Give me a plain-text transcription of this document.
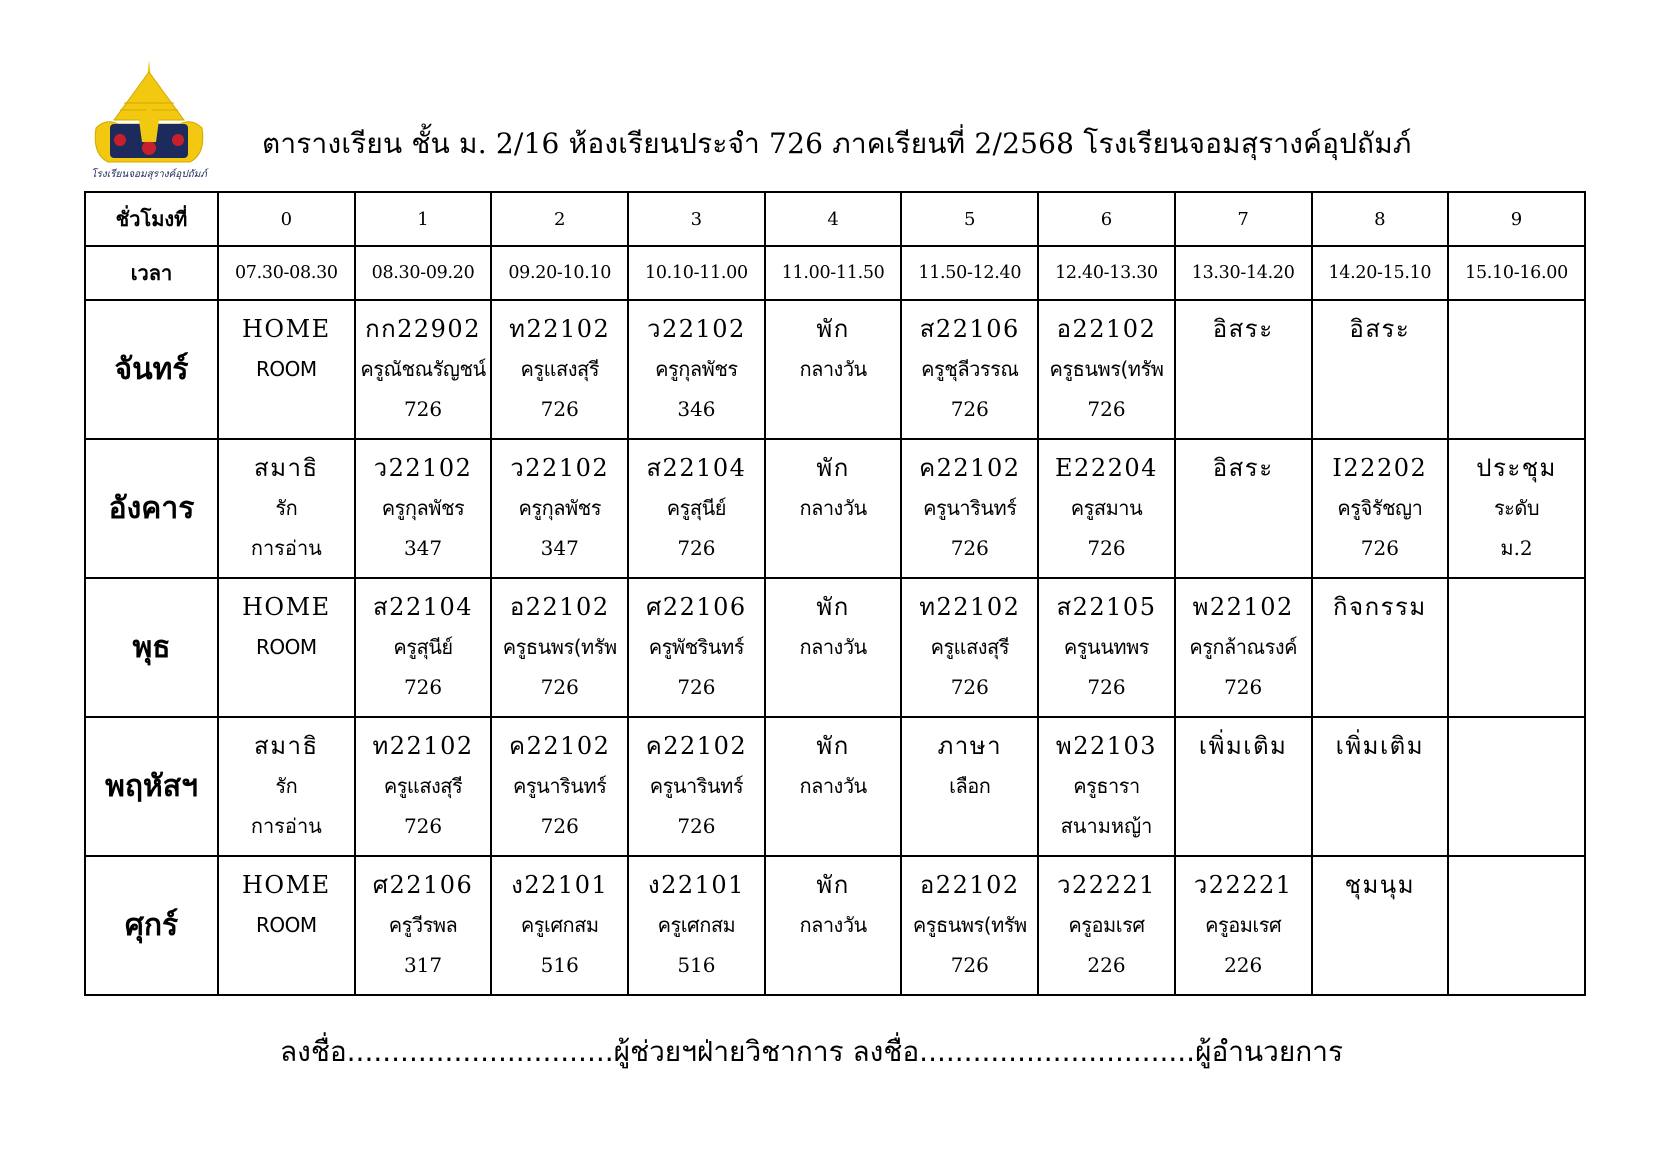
โรงเรียนจอมสุรางค์อุปถัมภ์
ตารางเรียน ชั้น ม. 2/16 ห้องเรียนประจำ 726 ภาคเรียนที่ 2/2568 โรงเรียนจอมสุรางค์อุปถัมภ์
ชั่วโมงที่	0	1	2	3	4	5	6	7	8	9
เวลา	07.30-08.30	08.30-09.20	09.20-10.10	10.10-11.00	11.00-11.50	11.50-12.40	12.40-13.30	13.30-14.20	14.20-15.10	15.10-16.00
จันทร์	HOME
ROOM	กก22902
ครูณัชณรัญชน์
726	ท22102
ครูแสงสุรี
726	ว22102
ครูกุลพัชร
346	พัก
กลางวัน	ส22106
ครูชุลีวรรณ
726	อ22102
ครูธนพร(ทรัพ
726	อิสระ	อิสระ	

อังคาร	สมาธิ
รัก
การอ่าน	ว22102
ครูกุลพัชร
347	ว22102
ครูกุลพัชร
347	ส22104
ครูสุนีย์
726	พัก
กลางวัน	ค22102
ครูนารินทร์
726	E22204
ครูสมาน
726	อิสระ	I22202
ครูจิรัชญา
726	ประชุม
ระดับ
ม.2

พุธ	HOME
ROOM	ส22104
ครูสุนีย์
726	อ22102
ครูธนพร(ทรัพ
726	ศ22106
ครูพัชรินทร์
726	พัก
กลางวัน	ท22102
ครูแสงสุรี
726	ส22105
ครูนนทพร
726	พ22102
ครูกล้าณรงค์
726	กิจกรรม	

พฤหัสฯ	สมาธิ
รัก
การอ่าน	ท22102
ครูแสงสุรี
726	ค22102
ครูนารินทร์
726	ค22102
ครูนารินทร์
726	พัก
กลางวัน	ภาษา
เลือก	พ22103
ครูธารา
สนามหญ้า	เพิ่มเติม	เพิ่มเติม	

ศุกร์	HOME
ROOM	ศ22106
ครูวีรพล
317	ง22101
ครูเศกสม
516	ง22101
ครูเศกสม
516	พัก
กลางวัน	อ22102
ครูธนพร(ทรัพ
726	ว22221
ครูอมเรศ
226	ว22221
ครูอมเรศ
226	ชุมนุม	

ลงชื่อ..............................ผู้ช่วยฯฝ่ายวิชาการ ลงชื่อ...............................ผู้อำนวยการ
